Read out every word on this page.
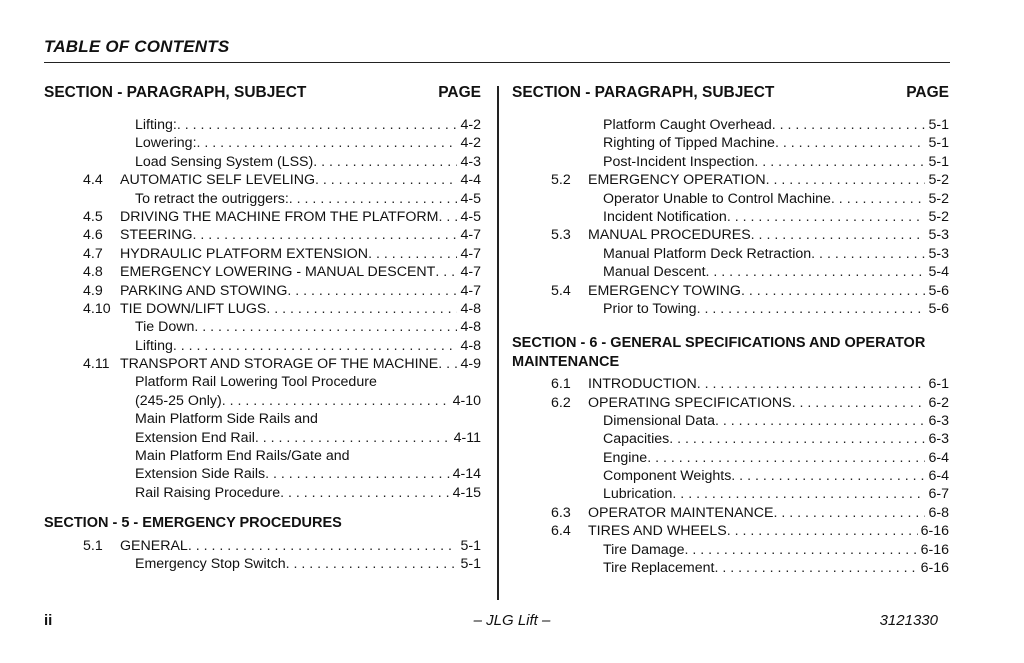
TABLE OF CONTENTS
SECTION - PARAGRAPH, SUBJECT	PAGE
Lifting: . . .	4-2
Lowering: . . .	4-2
Load Sensing System (LSS) . . .	4-3
4.4 AUTOMATIC SELF LEVELING . . .	4-4
To retract the outriggers: . . .	4-5
4.5 DRIVING THE MACHINE FROM THE PLATFORM . . . 4-5
4.6 STEERING . . .	4-7
4.7 HYDRAULIC PLATFORM EXTENSION . . .	4-7
4.8 EMERGENCY LOWERING - MANUAL DESCENT . . . 4-7
4.9 PARKING AND STOWING . . .	4-7
4.10 TIE DOWN/LIFT LUGS . . .	4-8
Tie Down . . .	4-8
Lifting . . .	4-8
4.11 TRANSPORT AND STORAGE OF THE MACHINE . . . 4-9
Platform Rail Lowering Tool Procedure
(245-25 Only) . . .	4-10
Main Platform Side Rails and
Extension End Rail . . .	4-11
Main Platform End Rails/Gate and
Extension Side Rails . . .	4-14
Rail Raising Procedure . . .	4-15
SECTION - 5 - EMERGENCY PROCEDURES
5.1 GENERAL . . .	5-1
Emergency Stop Switch . . .	5-1
SECTION - PARAGRAPH, SUBJECT	PAGE
Platform Caught Overhead . . .	5-1
Righting of Tipped Machine . . .	5-1
Post-Incident Inspection . . .	5-1
5.2 EMERGENCY OPERATION . . .	5-2
Operator Unable to Control Machine . . .	5-2
Incident Notification . . .	5-2
5.3 MANUAL PROCEDURES . . .	5-3
Manual Platform Deck Retraction . . .	5-3
Manual Descent . . .	5-4
5.4 EMERGENCY TOWING . . .	5-6
Prior to Towing . . .	5-6
SECTION - 6 - GENERAL SPECIFICATIONS AND OPERATOR MAINTENANCE
6.1 INTRODUCTION . . .	6-1
6.2 OPERATING SPECIFICATIONS . . .	6-2
Dimensional Data . . .	6-3
Capacities . . .	6-3
Engine . . .	6-4
Component Weights . . .	6-4
Lubrication . . .	6-7
6.3 OPERATOR MAINTENANCE . . .	6-8
6.4 TIRES AND WHEELS . . .	6-16
Tire Damage . . .	6-16
Tire Replacement . . .	6-16
– JLG Lift –
ii	3121330
